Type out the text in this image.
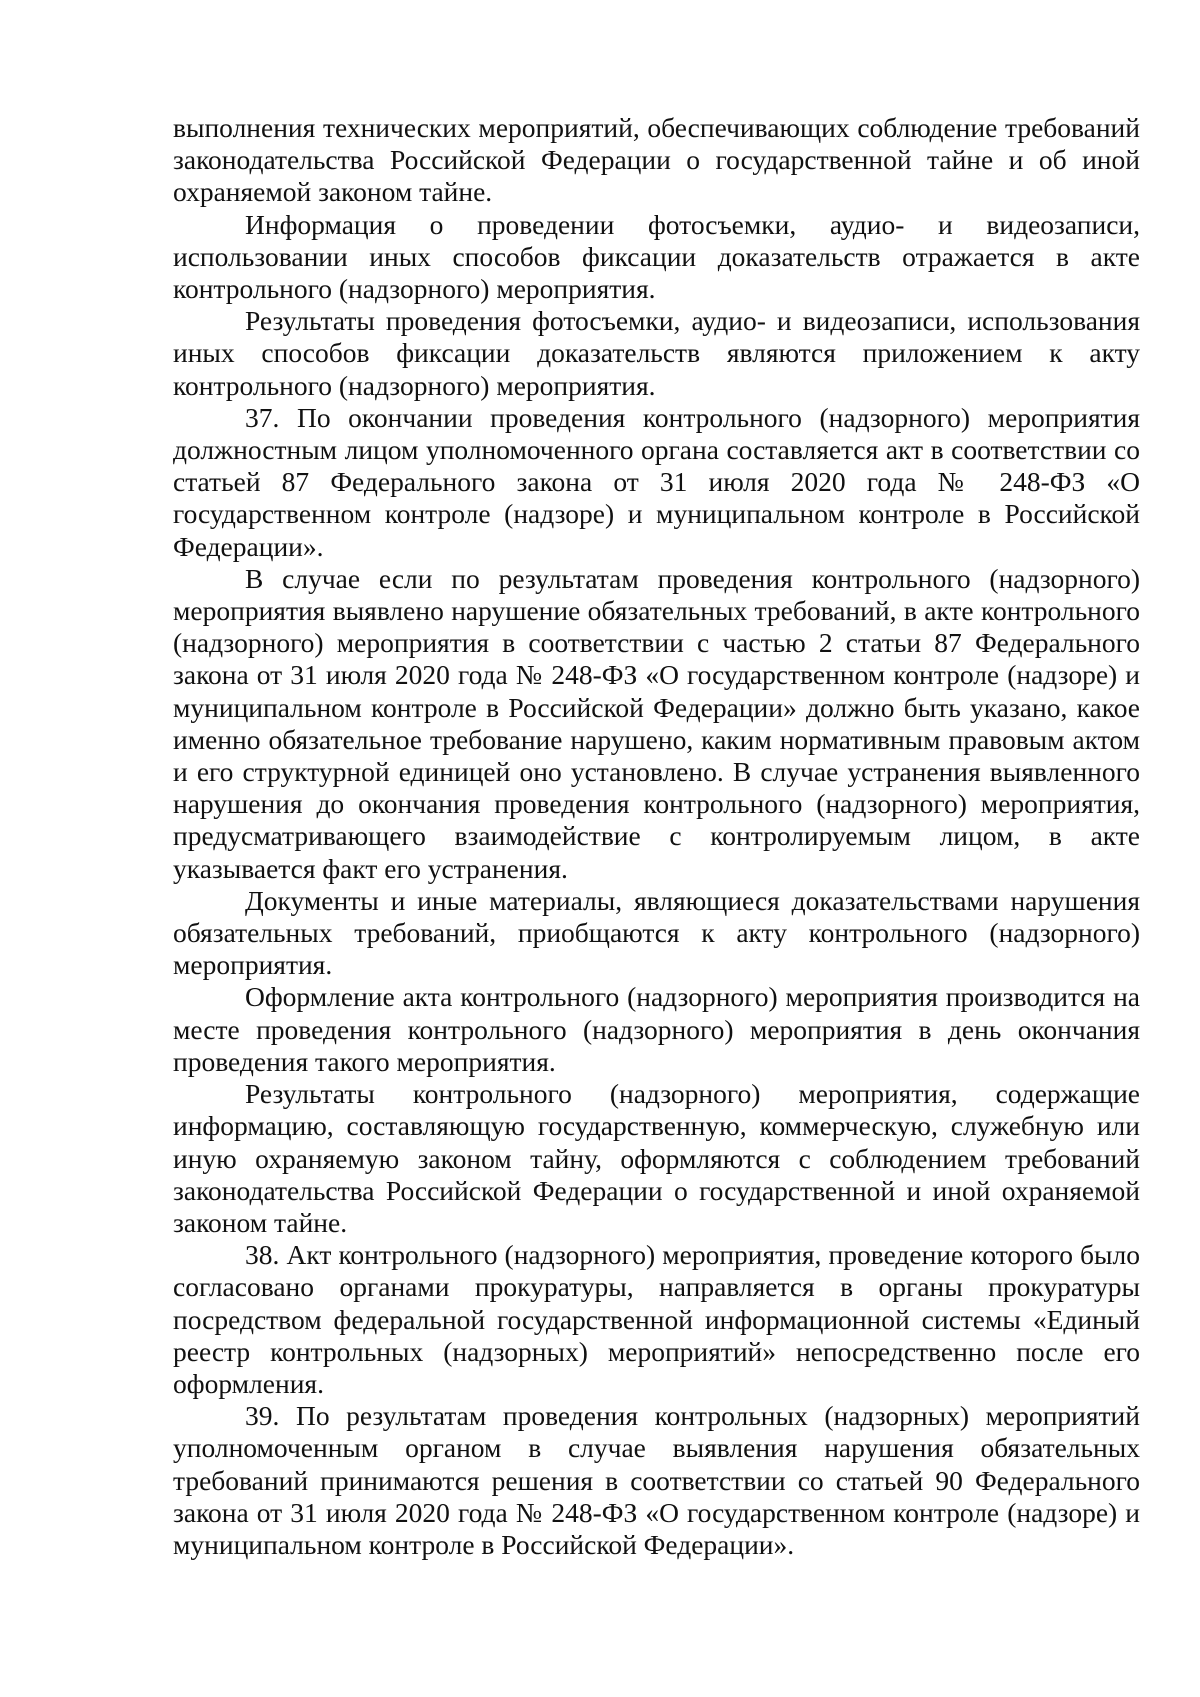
выполнения технических мероприятий, обеспечивающих соблюдение требований законодательства Российской Федерации о государственной тайне и об иной охраняемой законом тайне.

Информация о проведении фотосъемки, аудио- и видеозаписи, использовании иных способов фиксации доказательств отражается в акте контрольного (надзорного) мероприятия.

Результаты проведения фотосъемки, аудио- и видеозаписи, использования иных способов фиксации доказательств являются приложением к акту контрольного (надзорного) мероприятия.

37. По окончании проведения контрольного (надзорного) мероприятия должностным лицом уполномоченного органа составляется акт в соответствии со статьей 87 Федерального закона от 31 июля 2020 года № 248-ФЗ «О государственном контроле (надзоре) и муниципальном контроле в Российской Федерации».

В случае если по результатам проведения контрольного (надзорного) мероприятия выявлено нарушение обязательных требований, в акте контрольного (надзорного) мероприятия в соответствии с частью 2 статьи 87 Федерального закона от 31 июля 2020 года № 248-ФЗ «О государственном контроле (надзоре) и муниципальном контроле в Российской Федерации» должно быть указано, какое именно обязательное требование нарушено, каким нормативным правовым актом и его структурной единицей оно установлено. В случае устранения выявленного нарушения до окончания проведения контрольного (надзорного) мероприятия, предусматривающего взаимодействие с контролируемым лицом, в акте указывается факт его устранения.

Документы и иные материалы, являющиеся доказательствами нарушения обязательных требований, приобщаются к акту контрольного (надзорного) мероприятия.

Оформление акта контрольного (надзорного) мероприятия производится на месте проведения контрольного (надзорного) мероприятия в день окончания проведения такого мероприятия.

Результаты контрольного (надзорного) мероприятия, содержащие информацию, составляющую государственную, коммерческую, служебную или иную охраняемую законом тайну, оформляются с соблюдением требований законодательства Российской Федерации о государственной и иной охраняемой законом тайне.

38. Акт контрольного (надзорного) мероприятия, проведение которого было согласовано органами прокуратуры, направляется в органы прокуратуры посредством федеральной государственной информационной системы «Единый реестр контрольных (надзорных) мероприятий» непосредственно после его оформления.

39. По результатам проведения контрольных (надзорных) мероприятий уполномоченным органом в случае выявления нарушения обязательных требований принимаются решения в соответствии со статьей 90 Федерального закона от 31 июля 2020 года № 248-ФЗ «О государственном контроле (надзоре) и муниципальном контроле в Российской Федерации».
